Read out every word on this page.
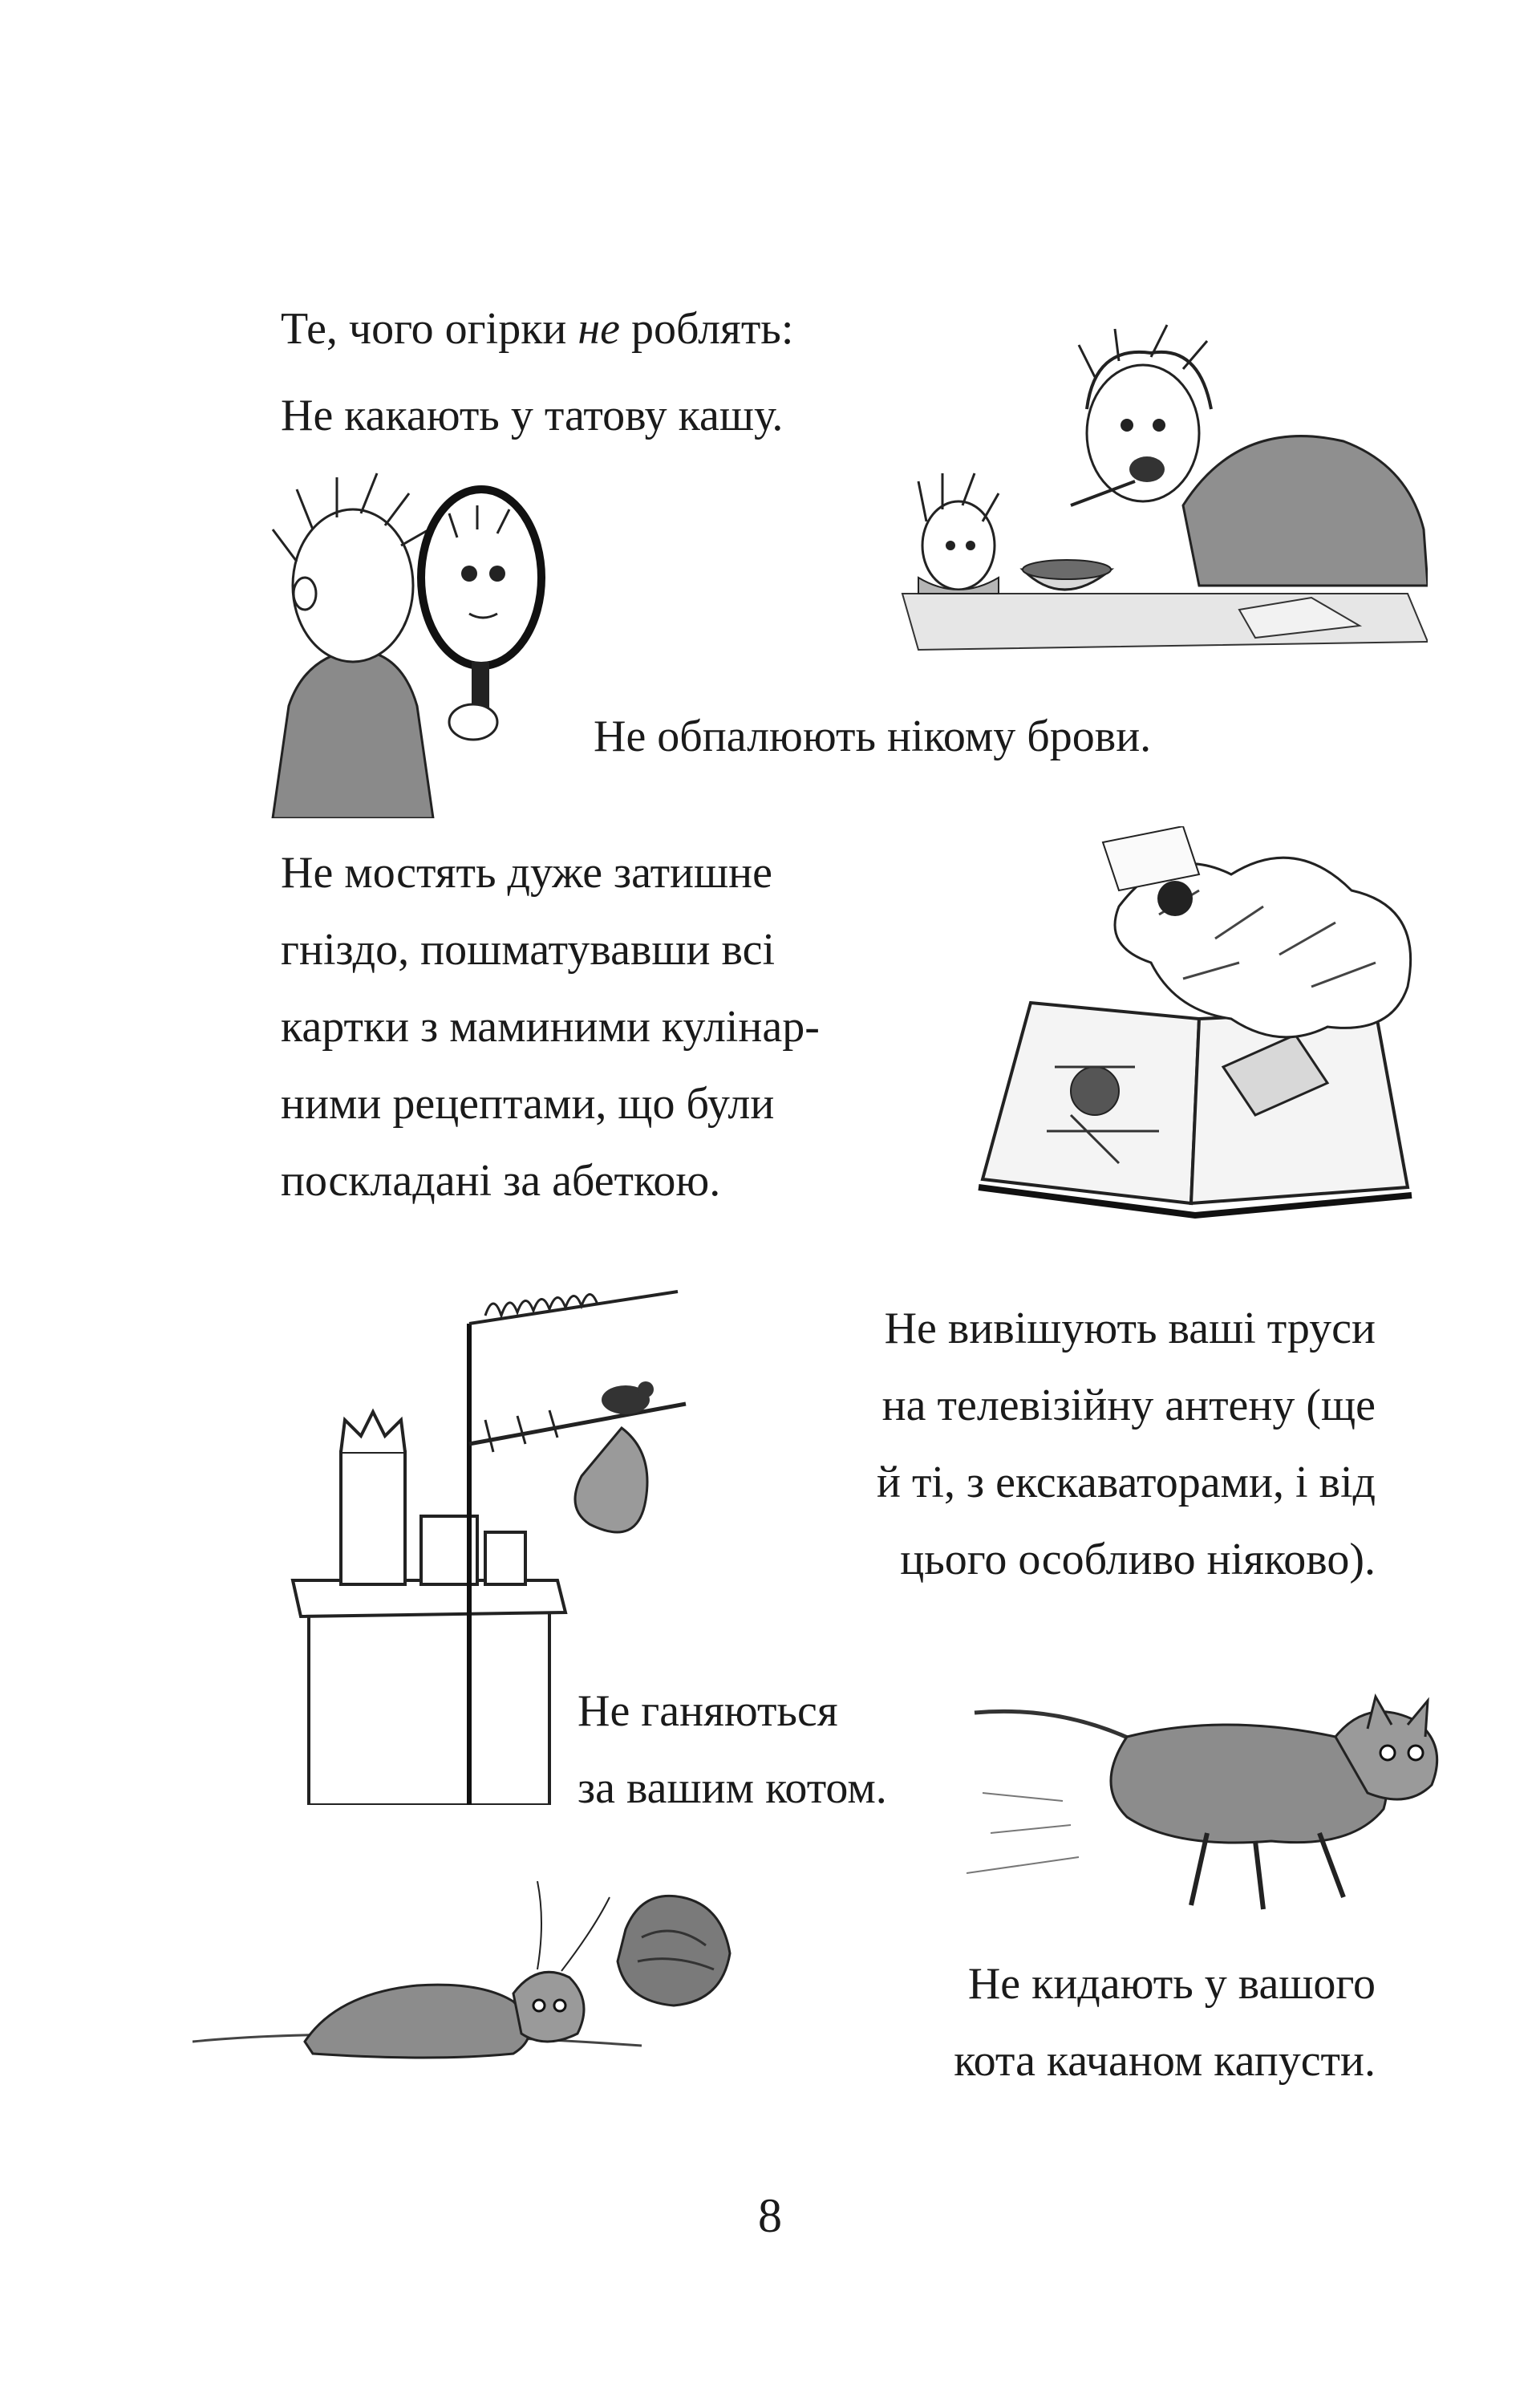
Те, чого огірки не роблять:

Не какають у татову кашу.

Не обпалюють нікому брови.

Не мостять дуже затишне
гніздо, пошматувавши всі
картки з маминими кулінар-
ними рецептами, що були
поскладані за абеткою.
Не вивішують ваші труси
на телевізійну антену (ще
й ті, з екскаваторами, і від
цього особливо ніяково).
Не ганяються
за вашим котом.
Не кидають у вашого
кота качаном капусти.
8
